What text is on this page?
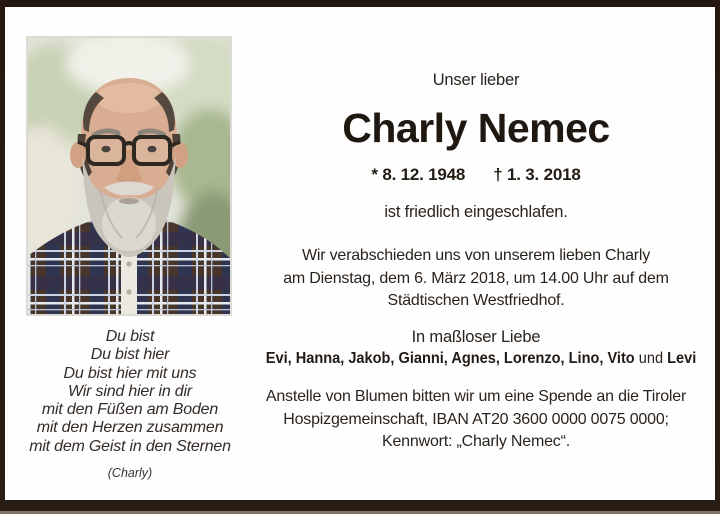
Du bist
Du bist hier
Du bist hier mit uns
Wir sind hier in dir
mit den Füßen am Boden
mit den Herzen zusammen
mit dem Geist in den Sternen
(Charly)
Unser lieber
Charly Nemec
* 8. 12. 1948 † 1. 3. 2018
ist friedlich eingeschlafen.
Wir verabschieden uns von unserem lieben Charly
am Dienstag, dem 6. März 2018, um 14.00 Uhr auf dem
Städtischen Westfriedhof.
In maßloser Liebe
Evi, Hanna, Jakob, Gianni, Agnes, Lorenzo, Lino, Vito und Levi
Anstelle von Blumen bitten wir um eine Spende an die Tiroler
Hospizgemeinschaft, IBAN AT20 3600 0000 0075 0000;
Kennwort: „Charly Nemec“.
